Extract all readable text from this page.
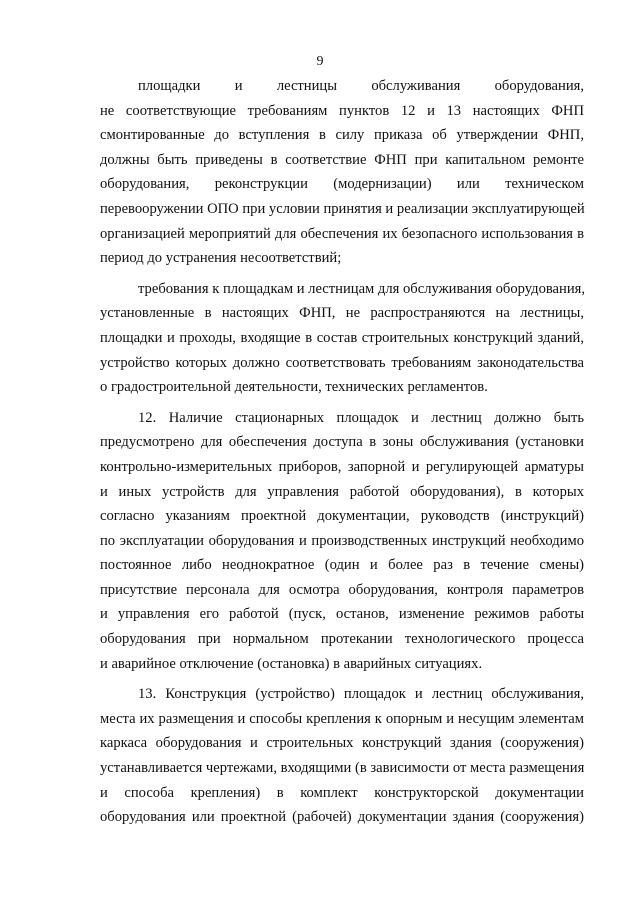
9
площадки и лестницы обслуживания оборудования,
не соответствующие требованиям пунктов 12 и 13 настоящих ФНП
смонтированные до вступления в силу приказа об утверждении ФНП,
должны быть приведены в соответствие ФНП при капитальном ремонте
оборудования, реконструкции (модернизации) или техническом
перевооружении ОПО при условии принятия и реализации эксплуатирующей
организацией мероприятий для обеспечения их безопасного использования в
период до устранения несоответствий;
требования к площадкам и лестницам для обслуживания оборудования,
установленные в настоящих ФНП, не распространяются на лестницы,
площадки и проходы, входящие в состав строительных конструкций зданий,
устройство которых должно соответствовать требованиям законодательства
о градостроительной деятельности, технических регламентов.
12. Наличие стационарных площадок и лестниц должно быть
предусмотрено для обеспечения доступа в зоны обслуживания (установки
контрольно-измерительных приборов, запорной и регулирующей арматуры
и иных устройств для управления работой оборудования), в которых
согласно указаниям проектной документации, руководств (инструкций)
по эксплуатации оборудования и производственных инструкций необходимо
постоянное либо неоднократное (один и более раз в течение смены)
присутствие персонала для осмотра оборудования, контроля параметров
и управления его работой (пуск, останов, изменение режимов работы
оборудования при нормальном протекании технологического процесса
и аварийное отключение (остановка) в аварийных ситуациях.
13. Конструкция (устройство) площадок и лестниц обслуживания,
места их размещения и способы крепления к опорным и несущим элементам
каркаса оборудования и строительных конструкций здания (сооружения)
устанавливается чертежами, входящими (в зависимости от места размещения
и способа крепления) в комплект конструкторской документации
оборудования или проектной (рабочей) документации здания (сооружения)
